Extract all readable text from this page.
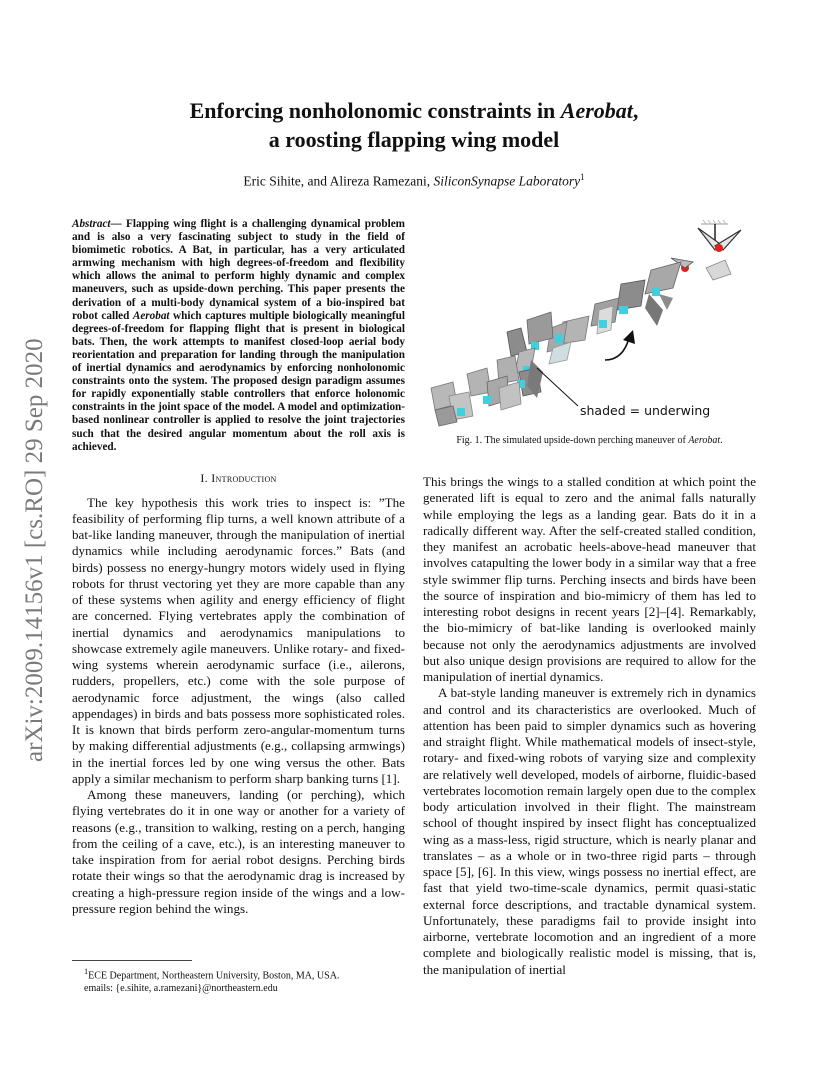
arXiv:2009.14156v1 [cs.RO] 29 Sep 2020
Enforcing nonholonomic constraints in Aerobat,
a roosting flapping wing model
Eric Sihite, and Alireza Ramezani, SiliconSynapse Laboratory$^1$

Abstract— Flapping wing flight is a challenging dynamical problem and is also a very fascinating subject to study in the field of biomimetic robotics. A Bat, in particular, has a very articulated armwing mechanism with high degrees-of-freedom and flexibility which allows the animal to perform highly dynamic and complex maneuvers, such as upside-down perching. This paper presents the derivation of a multi-body dynamical system of a bio-inspired bat robot called Aerobat which captures multiple biologically meaningful degrees-of-freedom for flapping flight that is present in biological bats. Then, the work attempts to manifest closed-loop aerial body reorientation and preparation for landing through the manipulation of inertial dynamics and aerodynamics by enforcing nonholonomic constraints onto the system. The proposed design paradigm assumes for rapidly exponentially stable controllers that enforce holonomic constraints in the joint space of the model. A model and optimization-based nonlinear controller is applied to resolve the joint trajectories such that the desired angular momentum about the roll axis is achieved.

I. Introduction

The key hypothesis this work tries to inspect is: ”The feasibility of performing flip turns, a well known attribute of a bat-like landing maneuver, through the manipulation of inertial dynamics while including aerodynamic forces.” Bats (and birds) possess no energy-hungry motors widely used in flying robots for thrust vectoring yet they are more capable than any of these systems when agility and energy efficiency of flight are concerned. Flying vertebrates apply the combination of inertial dynamics and aerodynamics manipulations to showcase extremely agile maneuvers. Unlike rotary- and fixed-wing systems wherein aerodynamic surface (i.e., ailerons, rudders, propellers, etc.) come with the sole purpose of aerodynamic force adjustment, the wings (also called appendages) in birds and bats possess more sophisticated roles. It is known that birds perform zero-angular-momentum turns by making differential adjustments (e.g., collapsing armwings) in the inertial forces led by one wing versus the other. Bats apply a similar mechanism to perform sharp banking turns [1].

Among these maneuvers, landing (or perching), which flying vertebrates do it in one way or another for a variety of reasons (e.g., transition to walking, resting on a perch, hanging from the ceiling of a cave, etc.), is an interesting maneuver to take inspiration from for aerial robot designs. Perching birds rotate their wings so that the aerodynamic drag is increased by creating a high-pressure region inside of the wings and a low-pressure region behind the wings.

$^1$ECE Department, Northeastern University, Boston, MA, USA.
emails: {e.sihite, a.ramezani}@northeastern.edu
shaded = underwing
Fig. 1. The simulated upside-down perching maneuver of Aerobat.

This brings the wings to a stalled condition at which point the generated lift is equal to zero and the animal falls naturally while employing the legs as a landing gear. Bats do it in a radically different way. After the self-created stalled condition, they manifest an acrobatic heels-above-head maneuver that involves catapulting the lower body in a similar way that a free style swimmer flip turns. Perching insects and birds have been the source of inspiration and bio-mimicry of them has led to interesting robot designs in recent years [2]–[4]. Remarkably, the bio-mimicry of bat-like landing is overlooked mainly because not only the aerodynamics adjustments are involved but also unique design provisions are required to allow for the manipulation of inertial dynamics.

A bat-style landing maneuver is extremely rich in dynamics and control and its characteristics are overlooked. Much of attention has been paid to simpler dynamics such as hovering and straight flight. While mathematical models of insect-style, rotary- and fixed-wing robots of varying size and complexity are relatively well developed, models of airborne, fluidic-based vertebrates locomotion remain largely open due to the complex body articulation involved in their flight. The mainstream school of thought inspired by insect flight has conceptualized wing as a mass-less, rigid structure, which is nearly planar and translates – as a whole or in two-three rigid parts – through space [5], [6]. In this view, wings possess no inertial effect, are fast that yield two-time-scale dynamics, permit quasi-static external force descriptions, and tractable dynamical system. Unfortunately, these paradigms fail to provide insight into airborne, vertebrate locomotion and an ingredient of a more complete and biologically realistic model is missing, that is, the manipulation of inertial
